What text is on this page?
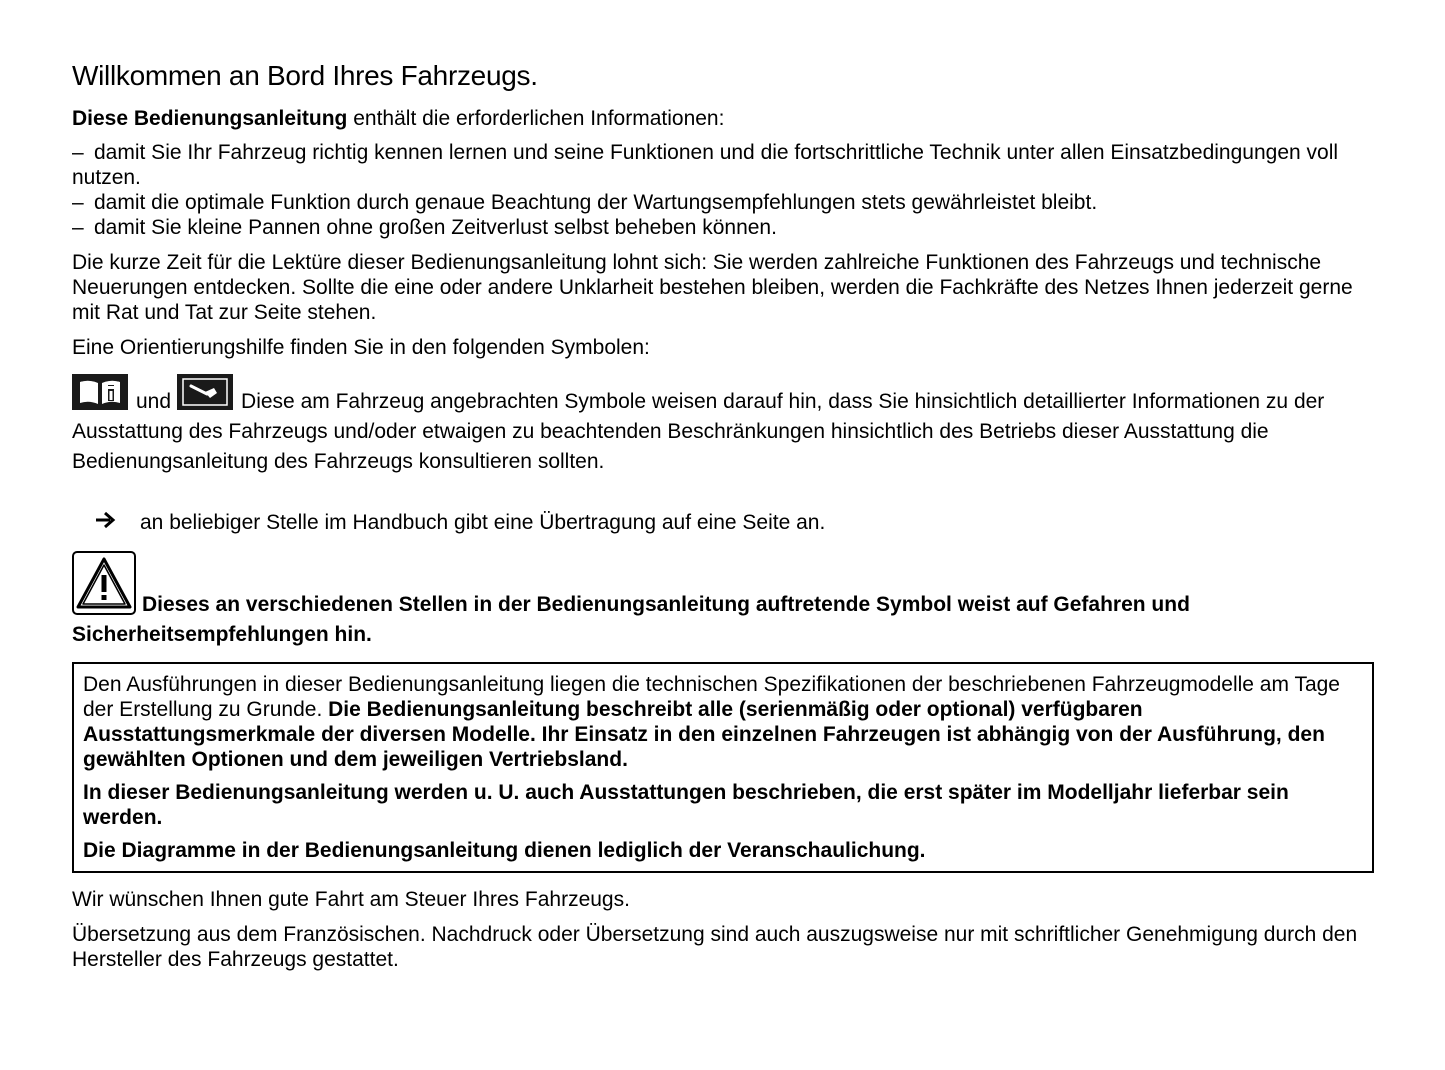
Willkommen an Bord Ihres Fahrzeugs.

Diese Bedienungsanleitung enthält die erforderlichen Informationen:

– damit Sie Ihr Fahrzeug richtig kennen lernen und seine Funktionen und die fortschrittliche Technik unter allen Einsatzbedingungen voll nutzen.
– damit die optimale Funktion durch genaue Beachtung der Wartungsempfehlungen stets gewährleistet bleibt.
– damit Sie kleine Pannen ohne großen Zeitverlust selbst beheben können.

Die kurze Zeit für die Lektüre dieser Bedienungsanleitung lohnt sich: Sie werden zahlreiche Funktionen des Fahrzeugs und technische Neuerungen entdecken. Sollte die eine oder andere Unklarheit bestehen bleiben, werden die Fachkräfte des Netzes Ihnen jederzeit gerne mit Rat und Tat zur Seite stehen.

Eine Orientierungshilfe finden Sie in den folgenden Symbolen:

und	Diese am Fahrzeug angebrachten Symbole weisen darauf hin, dass Sie hinsichtlich detaillierter Informationen zu der Ausstattung des Fahrzeugs und/oder etwaigen zu beachtenden Beschränkungen hinsichtlich des Betriebs dieser Ausstattung die Bedienungsanleitung des Fahrzeugs konsultieren sollten.

an beliebiger Stelle im Handbuch gibt eine Übertragung auf eine Seite an.

Dieses an verschiedenen Stellen in der Bedienungsanleitung auftretende Symbol weist auf Gefahren und Sicherheitsempfehlungen hin.

Den Ausführungen in dieser Bedienungsanleitung liegen die technischen Spezifikationen der beschriebenen Fahrzeugmodelle am Tage der Erstellung zu Grunde. Die Bedienungsanleitung beschreibt alle (serienmäßig oder optional) verfügbaren Ausstattungsmerkmale der diversen Modelle. Ihr Einsatz in den einzelnen Fahrzeugen ist abhängig von der Ausführung, den gewählten Optionen und dem jeweiligen Vertriebsland.

In dieser Bedienungsanleitung werden u. U. auch Ausstattungen beschrieben, die erst später im Modelljahr lieferbar sein werden.

Die Diagramme in der Bedienungsanleitung dienen lediglich der Veranschaulichung.

Wir wünschen Ihnen gute Fahrt am Steuer Ihres Fahrzeugs.

Übersetzung aus dem Französischen. Nachdruck oder Übersetzung sind auch auszugsweise nur mit schriftlicher Genehmigung durch den Hersteller des Fahrzeugs gestattet.
